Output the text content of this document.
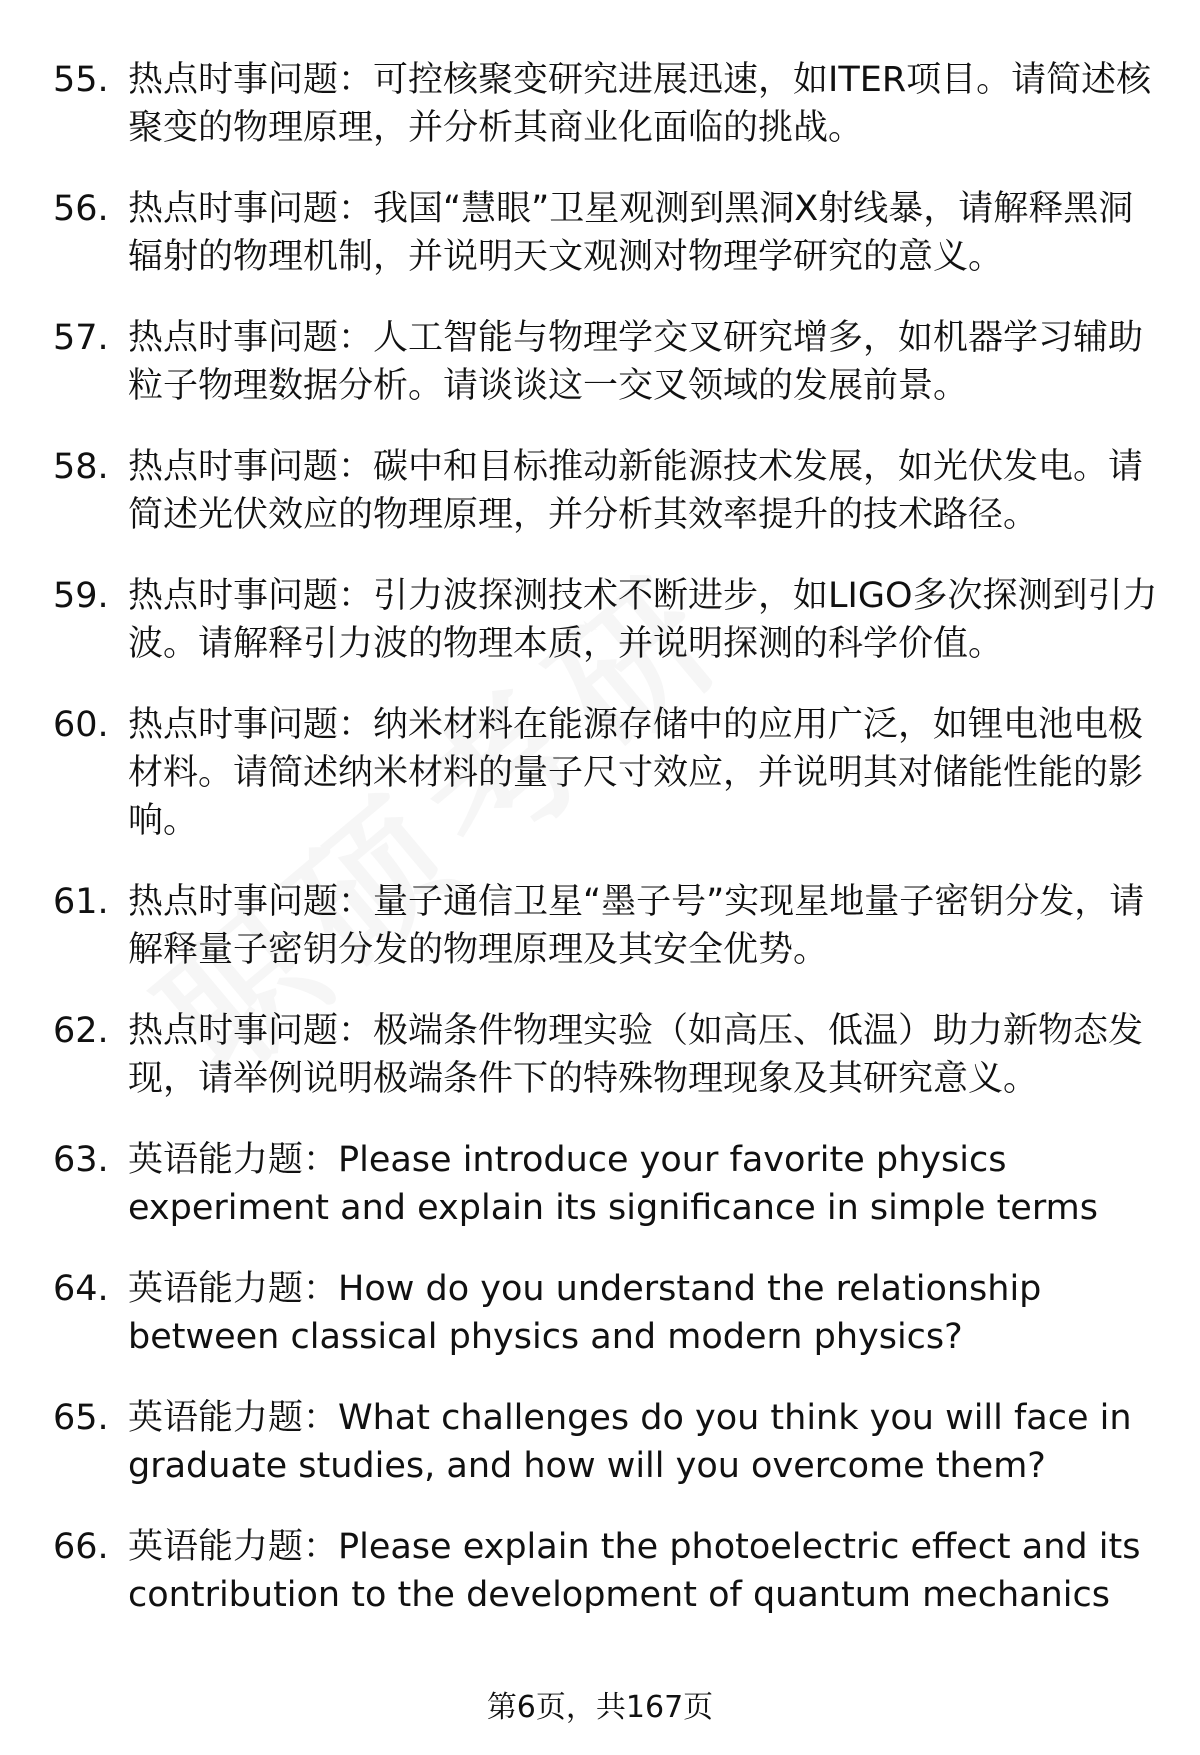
55. 热点时事问题：可控核聚变研究进展迅速，如ITER项目。请简述核聚变的物理原理，并分析其商业化面临的挑战。
56. 热点时事问题：我国“慧眼”卫星观测到黑洞X射线暴，请解释黑洞辐射的物理机制，并说明天文观测对物理学研究的意义。
57. 热点时事问题：人工智能与物理学交叉研究增多，如机器学习辅助粒子物理数据分析。请谈谈这一交叉领域的发展前景。
58. 热点时事问题：碳中和目标推动新能源技术发展，如光伏发电。请简述光伏效应的物理原理，并分析其效率提升的技术路径。
59. 热点时事问题：引力波探测技术不断进步，如LIGO多次探测到引力波。请解释引力波的物理本质，并说明探测的科学价值。
60. 热点时事问题：纳米材料在能源存储中的应用广泛，如锂电池电极材料。请简述纳米材料的量子尺寸效应，并说明其对储能性能的影响。
61. 热点时事问题：量子通信卫星“墨子号”实现星地量子密钥分发，请解释量子密钥分发的物理原理及其安全优势。
62. 热点时事问题：极端条件物理实验（如高压、低温）助力新物态发现，请举例说明极端条件下的特殊物理现象及其研究意义。
63. 英语能力题：Please introduce your favorite physics experiment and explain its significance in simple terms
64. 英语能力题：How do you understand the relationship between classical physics and modern physics?
65. 英语能力题：What challenges do you think you will face in graduate studies, and how will you overcome them?
66. 英语能力题：Please explain the photoelectric effect and its contribution to the development of quantum mechanics
第6页，共167页
